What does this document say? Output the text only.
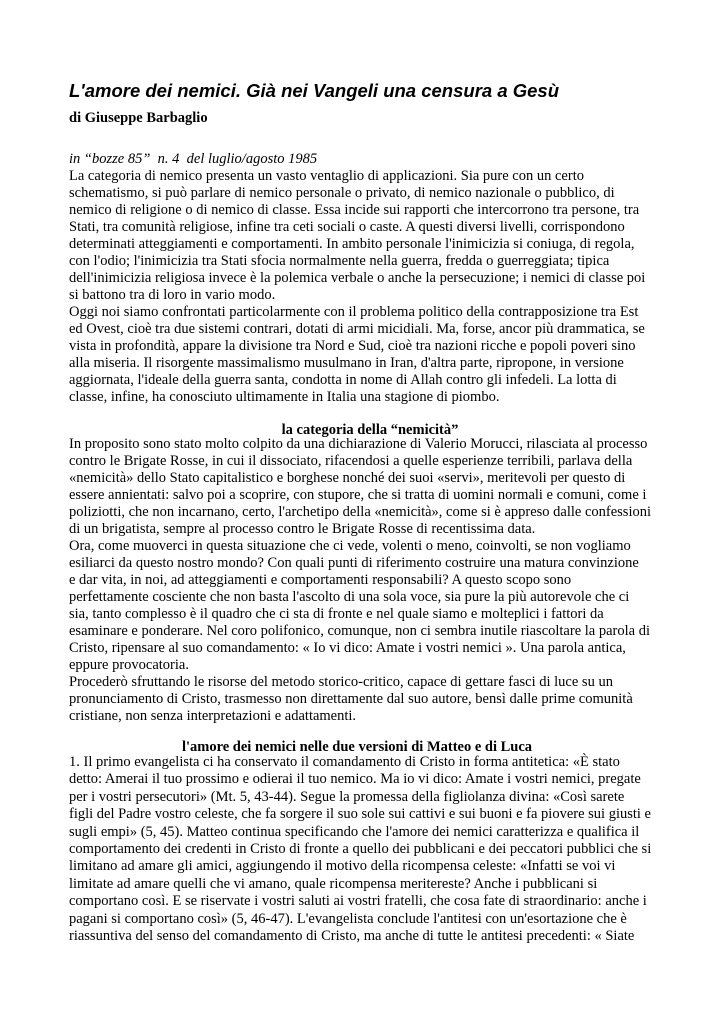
L'amore dei nemici. Già nei Vangeli una censura a Gesù
di Giuseppe Barbaglio
in “bozze 85”  n. 4  del luglio/agosto 1985
La categoria di nemico presenta un vasto ventaglio di applicazioni. Sia pure con un certo
schematismo, si può parlare di nemico personale o privato, di nemico nazionale o pubblico, di
nemico di religione o di nemico di classe. Essa incide sui rapporti che intercorrono tra persone, tra
Stati, tra comunità religiose, infine tra ceti sociali o caste. A questi diversi livelli, corrispondono
determinati atteggiamenti e comportamenti. In ambito personale l'inimicizia si coniuga, di regola,
con l'odio; l'inimicizia tra Stati sfocia normalmente nella guerra, fredda o guerreggiata; tipica
dell'inimicizia religiosa invece è la polemica verbale o anche la persecuzione; i nemici di classe poi
si battono tra di loro in vario modo.
Oggi noi siamo confrontati particolarmente con il problema politico della contrapposizione tra Est
ed Ovest, cioè tra due sistemi contrari, dotati di armi micidiali. Ma, forse, ancor più drammatica, se
vista in profondità, appare la divisione tra Nord e Sud, cioè tra nazioni ricche e popoli poveri sino
alla miseria. Il risorgente massimalismo musulmano in Iran, d'altra parte, ripropone, in versione
aggiornata, l'ideale della guerra santa, condotta in nome di Allah contro gli infedeli. La lotta di
classe, infine, ha conosciuto ultimamente in Italia una stagione di piombo.
la categoria della “nemicità”
In proposito sono stato molto colpito da una dichiarazione di Valerio Morucci, rilasciata al processo
contro le Brigate Rosse, in cui il dissociato, rifacendosi a quelle esperienze terribili, parlava della
«nemicità» dello Stato capitalistico e borghese nonché dei suoi «servi», meritevoli per questo di
essere annientati: salvo poi a scoprire, con stupore, che si tratta di uomini normali e comuni, come i
poliziotti, che non incarnano, certo, l'archetipo della «nemicità», come si è appreso dalle confessioni
di un brigatista, sempre al processo contro le Brigate Rosse di recentissima data.
Ora, come muoverci in questa situazione che ci vede, volenti o meno, coinvolti, se non vogliamo
esiliarci da questo nostro mondo? Con quali punti di riferimento costruire una matura convinzione
e dar vita, in noi, ad atteggiamenti e comportamenti responsabili? A questo scopo sono
perfettamente cosciente che non basta l'ascolto di una sola voce, sia pure la più autorevole che ci
sia, tanto complesso è il quadro che ci sta di fronte e nel quale siamo e molteplici i fattori da
esaminare e ponderare. Nel coro polifonico, comunque, non ci sembra inutile riascoltare la parola di
Cristo, ripensare al suo comandamento: « Io vi dico: Amate i vostri nemici ». Una parola antica,
eppure provocatoria.
Procederò sfruttando le risorse del metodo storico-critico, capace di gettare fasci di luce su un
pronunciamento di Cristo, trasmesso non direttamente dal suo autore, bensì dalle prime comunità
cristiane, non senza interpretazioni e adattamenti.
l'amore dei nemici nelle due versioni di Matteo e di Luca
1. Il primo evangelista ci ha conservato il comandamento di Cristo in forma antitetica: «È stato
detto: Amerai il tuo prossimo e odierai il tuo nemico. Ma io vi dico: Amate i vostri nemici, pregate
per i vostri persecutori» (Mt. 5, 43-44). Segue la promessa della figliolanza divina: «Così sarete
figli del Padre vostro celeste, che fa sorgere il suo sole sui cattivi e sui buoni e fa piovere sui giusti e
sugli empi» (5, 45). Matteo continua specificando che l'amore dei nemici caratterizza e qualifica il
comportamento dei credenti in Cristo di fronte a quello dei pubblicani e dei peccatori pubblici che si
limitano ad amare gli amici, aggiungendo il motivo della ricompensa celeste: «Infatti se voi vi
limitate ad amare quelli che vi amano, quale ricompensa meritereste? Anche i pubblicani si
comportano così. E se riservate i vostri saluti ai vostri fratelli, che cosa fate di straordinario: anche i
pagani si comportano così» (5, 46-47). L'evangelista conclude l'antitesi con un'esortazione che è
riassuntiva del senso del comandamento di Cristo, ma anche di tutte le antitesi precedenti: « Siate
